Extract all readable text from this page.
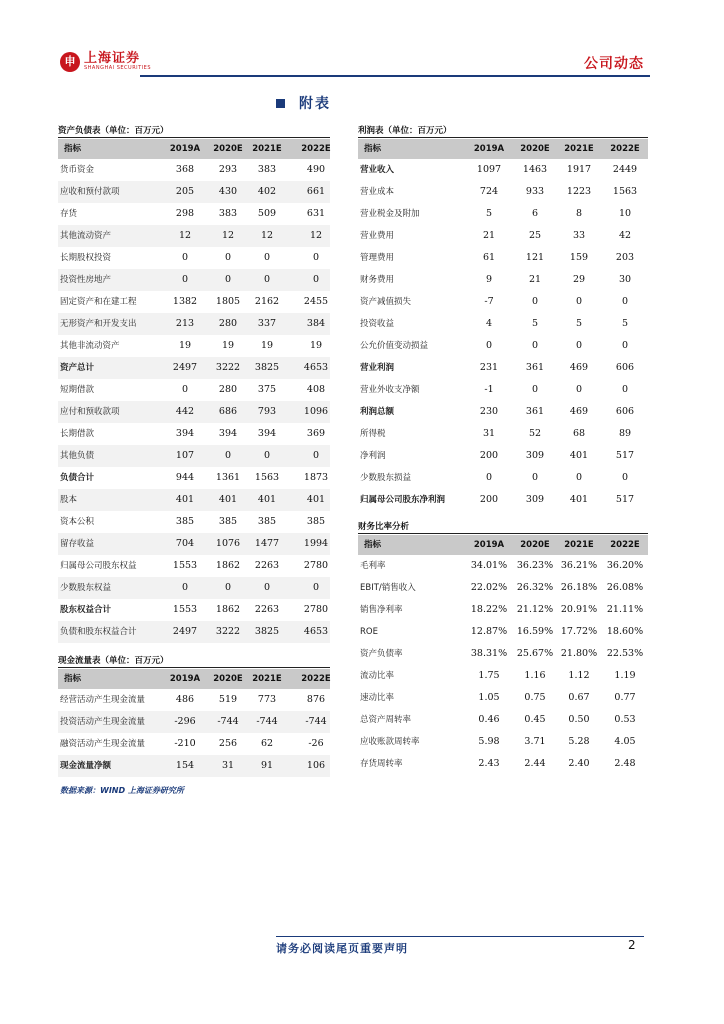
申 上海证券
SHANGHAI SECURITIES	公司动态
附表
资产负债表（单位：百万元）
指标	2019A	2020E	2021E	2022E
货币资金	368	293	383	490
应收和预付款项	205	430	402	661
存货	298	383	509	631
其他流动资产	12	12	12	12
长期股权投资	0	0	0	0
投资性房地产	0	0	0	0
固定资产和在建工程	1382	1805	2162	2455
无形资产和开发支出	213	280	337	384
其他非流动资产	19	19	19	19
资产总计	2497	3222	3825	4653
短期借款	0	280	375	408
应付和预收款项	442	686	793	1096
长期借款	394	394	394	369
其他负债	107	0	0	0
负债合计	944	1361	1563	1873
股本	401	401	401	401
资本公积	385	385	385	385
留存收益	704	1076	1477	1994
归属母公司股东权益	1553	1862	2263	2780
少数股东权益	0	0	0	0
股东权益合计	1553	1862	2263	2780
负债和股东权益合计	2497	3222	3825	4653
现金流量表（单位：百万元）
指标	2019A	2020E	2021E	2022E
经营活动产生现金流量	486	519	773	876
投资活动产生现金流量	-296	-744	-744	-744
融资活动产生现金流量	-210	256	62	-26
现金流量净额	154	31	91	106
利润表（单位：百万元）
指标	2019A	2020E	2021E	2022E
营业收入	1097	1463	1917	2449
营业成本	724	933	1223	1563
营业税金及附加	5	6	8	10
营业费用	21	25	33	42
管理费用	61	121	159	203
财务费用	9	21	29	30
资产减值损失	-7	0	0	0
投资收益	4	5	5	5
公允价值变动损益	0	0	0	0
营业利润	231	361	469	606
营业外收支净额	-1	0	0	0
利润总额	230	361	469	606
所得税	31	52	68	89
净利润	200	309	401	517
少数股东损益	0	0	0	0
归属母公司股东净利润	200	309	401	517
财务比率分析
指标	2019A	2020E	2021E	2022E
毛利率	34.01%	36.23% 36.21%	36.20%
EBIT/销售收入	22.02%	26.32% 26.18%	26.08%
销售净利率	18.22%	21.12% 20.91%	21.11%
ROE	12.87%	16.59% 17.72%	18.60%
资产负债率	38.31%	25.67% 21.80%	22.53%
流动比率	1.75	1.16	1.12	1.19
速动比率	1.05	0.75	0.67	0.77
总资产周转率	0.46	0.45	0.50	0.53
应收账款周转率	5.98	3.71	5.28	4.05
存货周转率	2.43	2.44	2.40	2.48
数据来源：WIND 上海证券研究所
请务必阅读尾页重要声明	2
